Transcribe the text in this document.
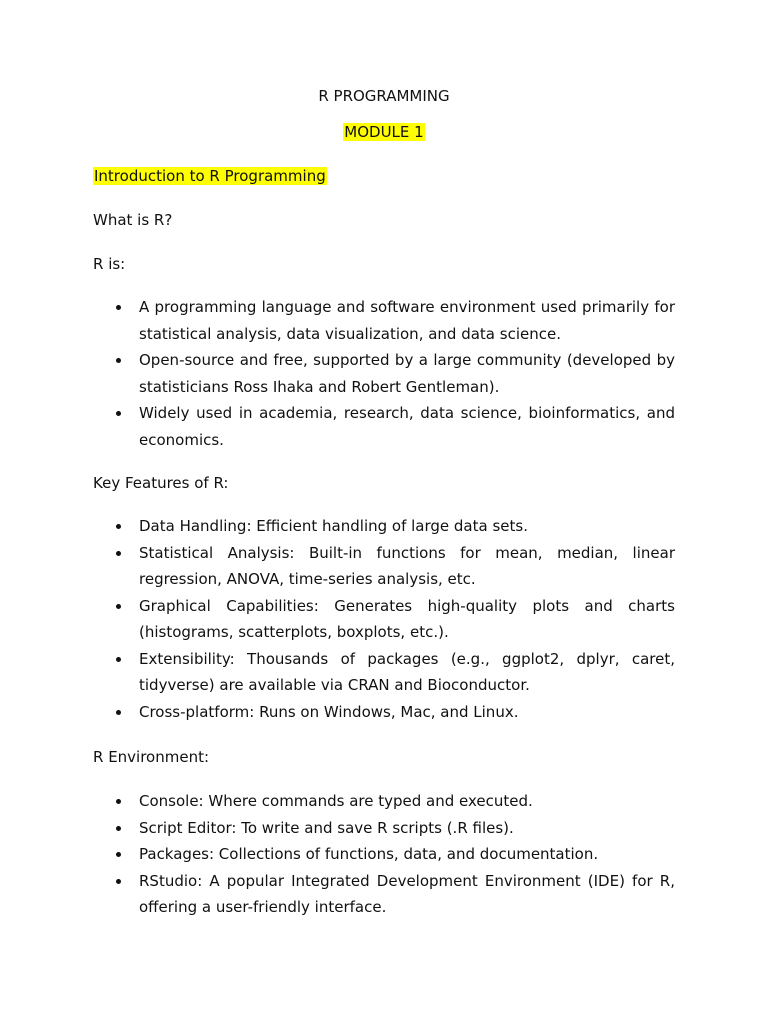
R PROGRAMMING
MODULE 1
Introduction to R Programming
What is R?
R is:
A programming language and software environment used primarily for statistical analysis, data visualization, and data science.
Open-source and free, supported by a large community (developed by statisticians Ross Ihaka and Robert Gentleman).
Widely used in academia, research, data science, bioinformatics, and economics.
Key Features of R:
Data Handling: Efficient handling of large data sets.
Statistical Analysis: Built-in functions for mean, median, linear regression, ANOVA, time-series analysis, etc.
Graphical Capabilities: Generates high-quality plots and charts (histograms, scatterplots, boxplots, etc.).
Extensibility: Thousands of packages (e.g., ggplot2, dplyr, caret, tidyverse) are available via CRAN and Bioconductor.
Cross-platform: Runs on Windows, Mac, and Linux.
R Environment:
Console: Where commands are typed and executed.
Script Editor: To write and save R scripts (.R files).
Packages: Collections of functions, data, and documentation.
RStudio: A popular Integrated Development Environment (IDE) for R, offering a user-friendly interface.
